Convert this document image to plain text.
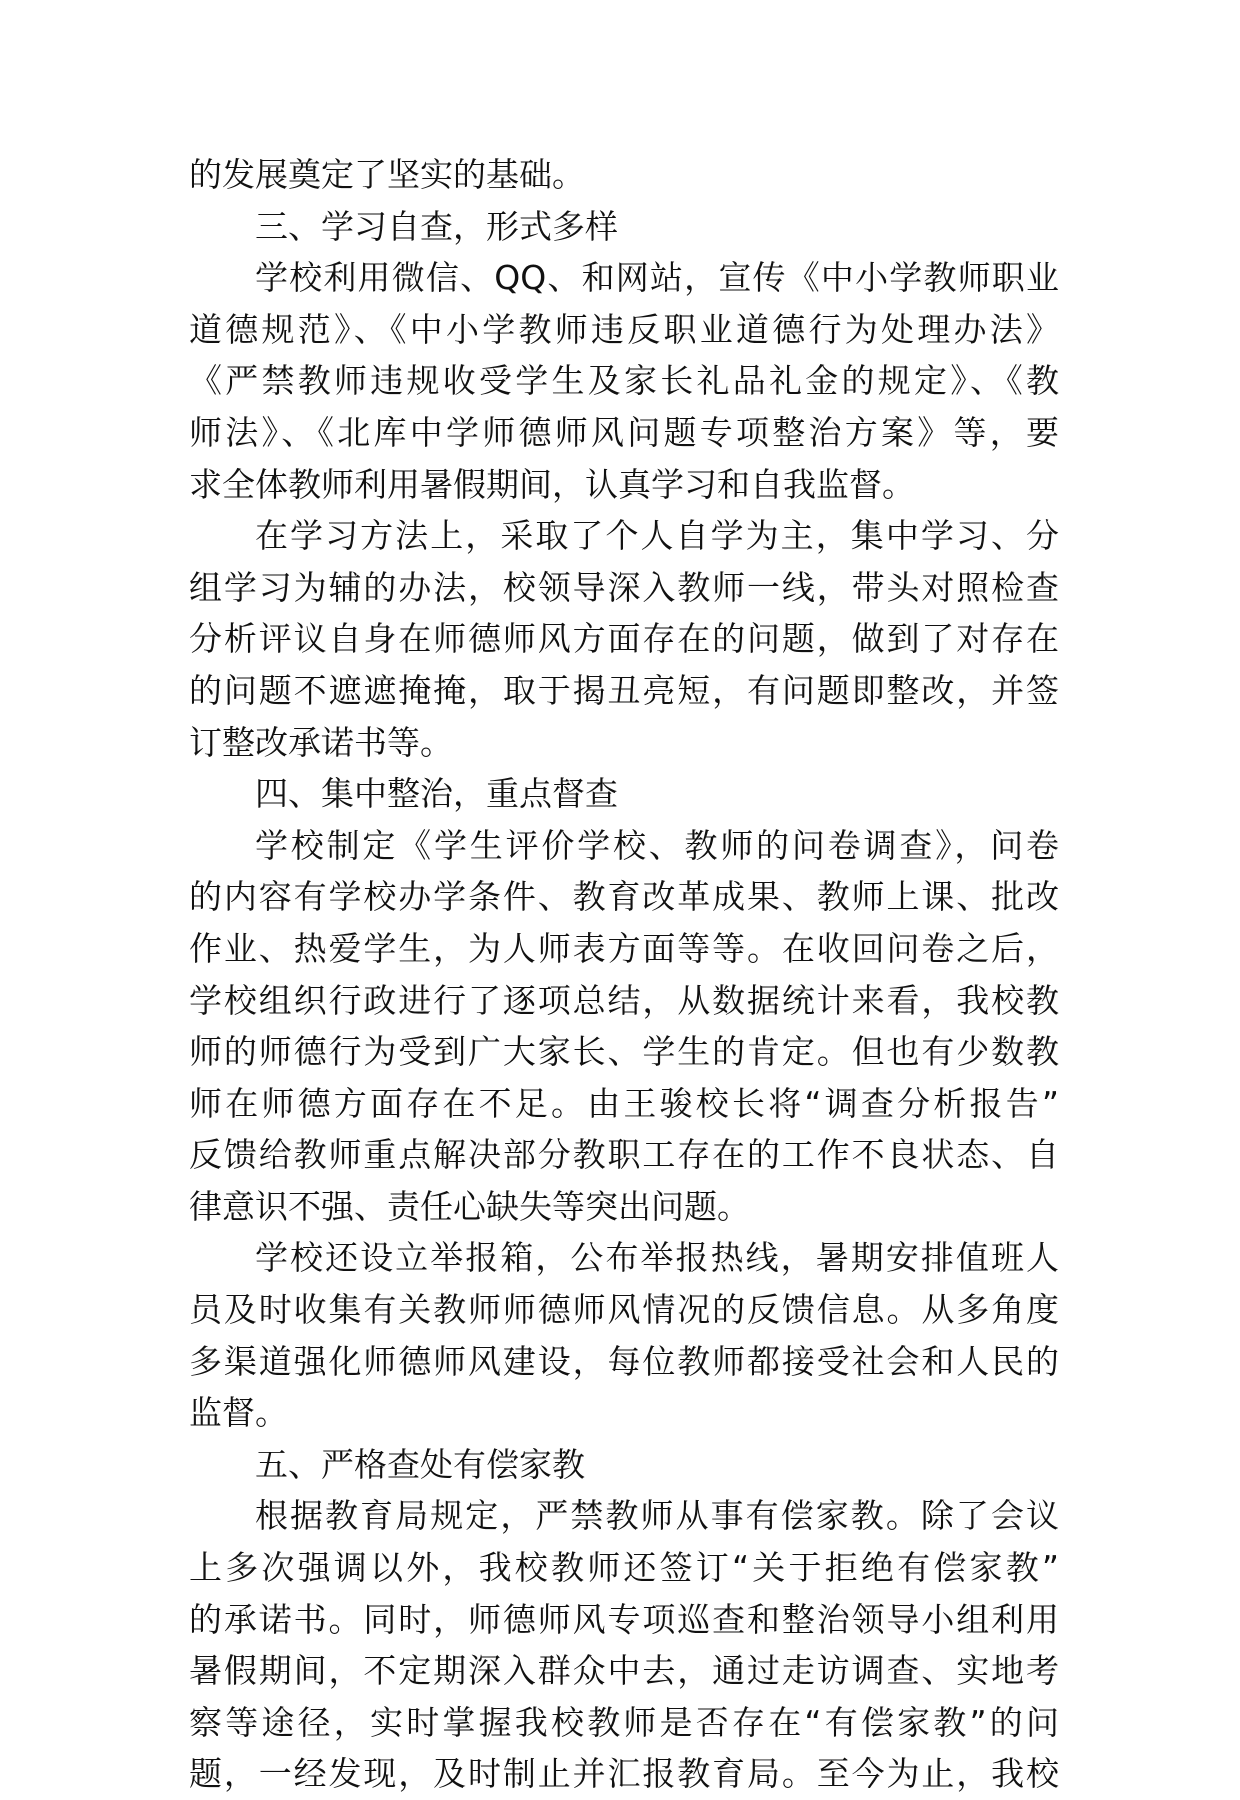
的发展奠定了坚实的基础。
三、学习自查，形式多样
学校利用微信、QQ、和网站，宣传《中小学教师职业
道德规范》、《中小学教师违反职业道德行为处理办法》
《严禁教师违规收受学生及家长礼品礼金的规定》、《教
师法》、《北库中学师德师风问题专项整治方案》等，要
求全体教师利用暑假期间，认真学习和自我监督。
在学习方法上，采取了个人自学为主，集中学习、分
组学习为辅的办法，校领导深入教师一线，带头对照检查
分析评议自身在师德师风方面存在的问题，做到了对存在
的问题不遮遮掩掩，取于揭丑亮短，有问题即整改，并签
订整改承诺书等。
四、集中整治，重点督查
学校制定《学生评价学校、教师的问卷调查》，问卷
的内容有学校办学条件、教育改革成果、教师上课、批改
作业、热爱学生，为人师表方面等等。在收回问卷之后，
学校组织行政进行了逐项总结，从数据统计来看，我校教
师的师德行为受到广大家长、学生的肯定。但也有少数教
师在师德方面存在不足。由王骏校长将“调查分析报告”
反馈给教师重点解决部分教职工存在的工作不良状态、自
律意识不强、责任心缺失等突出问题。
学校还设立举报箱，公布举报热线，暑期安排值班人
员及时收集有关教师师德师风情况的反馈信息。从多角度
多渠道强化师德师风建设，每位教师都接受社会和人民的
监督。
五、严格查处有偿家教
根据教育局规定，严禁教师从事有偿家教。除了会议
上多次强调以外，我校教师还签订“关于拒绝有偿家教”
的承诺书。同时，师德师风专项巡查和整治领导小组利用
暑假期间，不定期深入群众中去，通过走访调查、实地考
察等途径，实时掌握我校教师是否存在“有偿家教”的问
题，一经发现，及时制止并汇报教育局。至今为止，我校
